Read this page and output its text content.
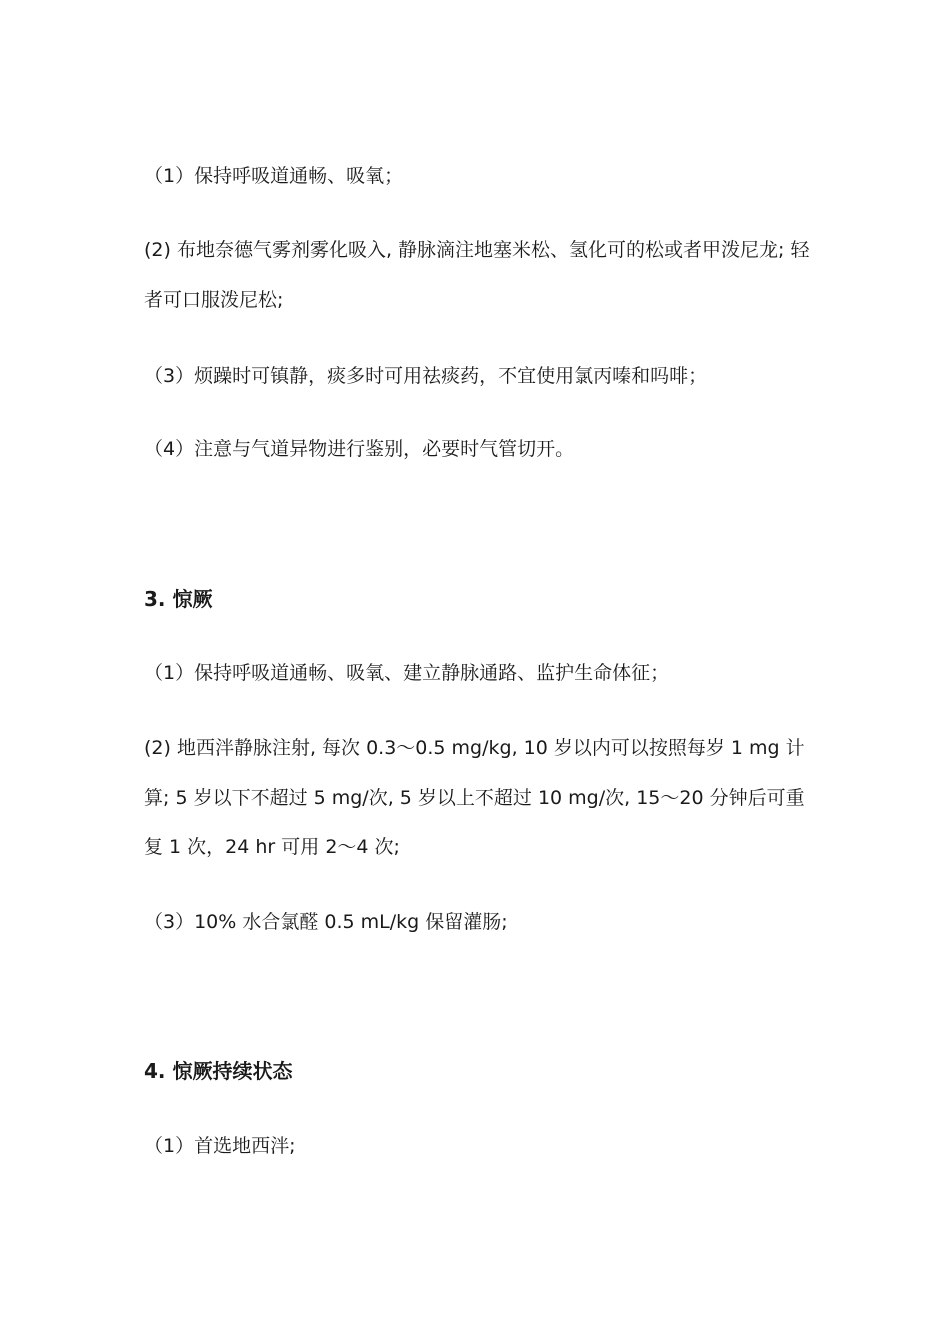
（1）保持呼吸道通畅、吸氧；
(2) 布地奈德气雾剂雾化吸入, 静脉滴注地塞米松、氢化可的松或者甲泼尼龙; 轻
者可口服泼尼松;
（3）烦躁时可镇静，痰多时可用祛痰药，不宜使用氯丙嗪和吗啡；
（4）注意与气道异物进行鉴别，必要时气管切开。
3. 惊厥
（1）保持呼吸道通畅、吸氧、建立静脉通路、监护生命体征；
(2) 地西泮静脉注射, 每次 0.3～0.5 mg/kg, 10 岁以内可以按照每岁 1 mg 计
算; 5 岁以下不超过 5 mg/次, 5 岁以上不超过 10 mg/次, 15～20 分钟后可重
复 1 次，24 hr 可用 2～4 次;
（3）10% 水合氯醛 0.5 mL/kg 保留灌肠;
4. 惊厥持续状态
（1）首选地西泮;
